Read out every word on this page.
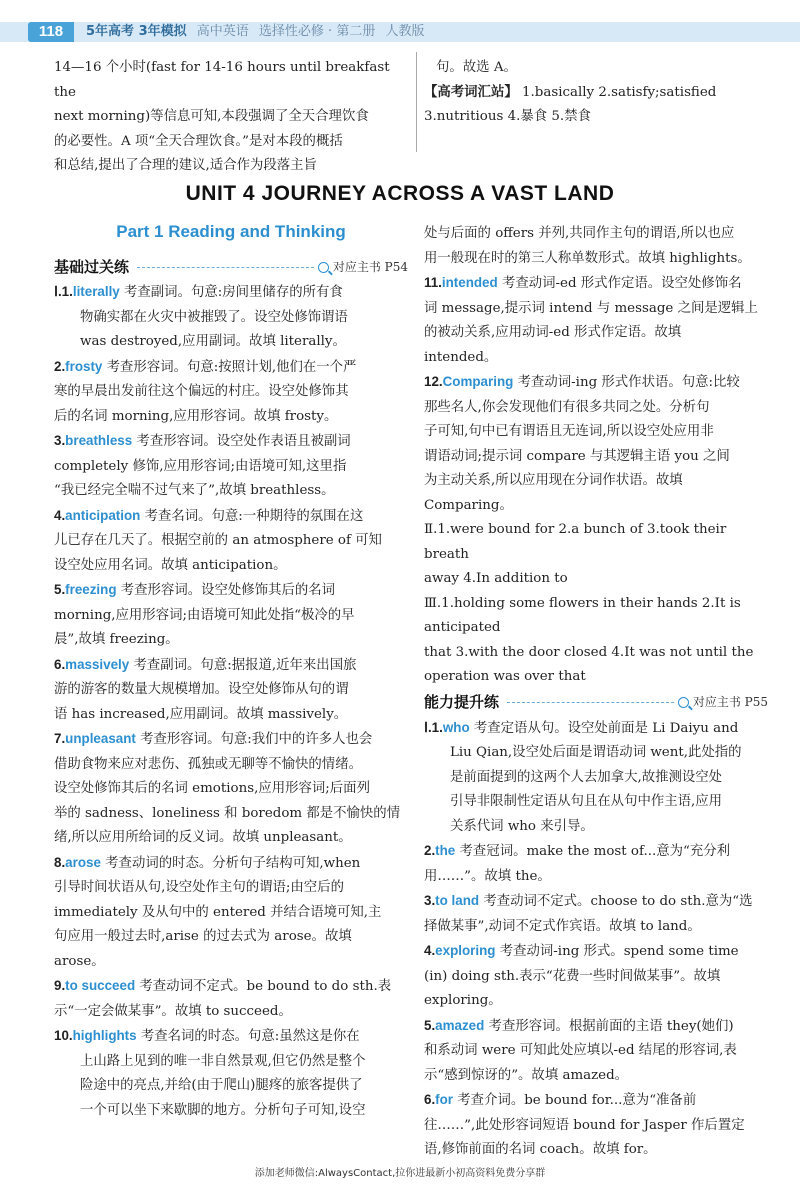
118	5年高考 3年模拟 高中英语 选择性必修 · 第二册 人教版

14—16 个小时(fast for 14-16 hours until breakfast the

next morning)等信息可知,本段强调了全天合理饮食

的必要性。A 项“全天合理饮食。”是对本段的概括

和总结,提出了合理的建议,适合作为段落主旨

句。故选 A。

【高考词汇站】 1.basically 2.satisfy;satisfied

3.nutritious 4.暴食 5.禁食

UNIT 4 JOURNEY ACROSS A VAST LAND
Part 1 Reading and Thinking
基础过关练	对应主书 P54

Ⅰ.1.literally 考查副词。句意:房间里储存的所有食

物确实都在火灾中被摧毁了。设空处修饰谓语

was destroyed,应用副词。故填 literally。

2.frosty 考查形容词。句意:按照计划,他们在一个严

寒的早晨出发前往这个偏远的村庄。设空处修饰其

后的名词 morning,应用形容词。故填 frosty。

3.breathless 考查形容词。设空处作表语且被副词

completely 修饰,应用形容词;由语境可知,这里指

“我已经完全喘不过气来了”,故填 breathless。

4.anticipation 考查名词。句意:一种期待的氛围在这

儿已存在几天了。根据空前的 an atmosphere of 可知

设空处应用名词。故填 anticipation。

5.freezing 考查形容词。设空处修饰其后的名词

morning,应用形容词;由语境可知此处指“极冷的早

晨”,故填 freezing。

6.massively 考查副词。句意:据报道,近年来出国旅

游的游客的数量大规模增加。设空处修饰从句的谓

语 has increased,应用副词。故填 massively。

7.unpleasant 考查形容词。句意:我们中的许多人也会

借助食物来应对悲伤、孤独或无聊等不愉快的情绪。

设空处修饰其后的名词 emotions,应用形容词;后面列

举的 sadness、loneliness 和 boredom 都是不愉快的情

绪,所以应用所给词的反义词。故填 unpleasant。

8.arose 考查动词的时态。分析句子结构可知,when

引导时间状语从句,设空处作主句的谓语;由空后的

immediately 及从句中的 entered 并结合语境可知,主

句应用一般过去时,arise 的过去式为 arose。故填

arose。

9.to succeed 考查动词不定式。be bound to do sth.表

示“一定会做某事”。故填 to succeed。

10.highlights 考查名词的时态。句意:虽然这是你在

上山路上见到的唯一非自然景观,但它仍然是整个

险途中的亮点,并给(由于爬山)腿疼的旅客提供了

一个可以坐下来歇脚的地方。分析句子可知,设空

处与后面的 offers 并列,共同作主句的谓语,所以也应

用一般现在时的第三人称单数形式。故填 highlights。

11.intended 考查动词-ed 形式作定语。设空处修饰名

词 message,提示词 intend 与 message 之间是逻辑上

的被动关系,应用动词-ed 形式作定语。故填

intended。

12.Comparing 考查动词-ing 形式作状语。句意:比较

那些名人,你会发现他们有很多共同之处。分析句

子可知,句中已有谓语且无连词,所以设空处应用非

谓语动词;提示词 compare 与其逻辑主语 you 之间

为主动关系,所以应用现在分词作状语。故填

Comparing。

Ⅱ.1.were bound for 2.a bunch of 3.took their breath

away 4.In addition to

Ⅲ.1.holding some flowers in their hands 2.It is anticipated

that 3.with the door closed 4.It was not until the

operation was over that

能力提升练	对应主书 P55

Ⅰ.1.who 考查定语从句。设空处前面是 Li Daiyu and

Liu Qian,设空处后面是谓语动词 went,此处指的

是前面提到的这两个人去加拿大,故推测设空处

引导非限制性定语从句且在从句中作主语,应用

关系代词 who 来引导。

2.the 考查冠词。make the most of...意为“充分利

用……”。故填 the。

3.to land 考查动词不定式。choose to do sth.意为“选

择做某事”,动词不定式作宾语。故填 to land。

4.exploring 考查动词-ing 形式。spend some time

(in) doing sth.表示“花费一些时间做某事”。故填

exploring。

5.amazed 考查形容词。根据前面的主语 they(她们)

和系动词 were 可知此处应填以-ed 结尾的形容词,表

示“感到惊讶的”。故填 amazed。

6.for 考查介词。be bound for...意为“准备前

往……”,此处形容词短语 bound for Jasper 作后置定

语,修饰前面的名词 coach。故填 for。

添加老师微信:AlwaysContact,拉你进最新小初高资料免费分享群
